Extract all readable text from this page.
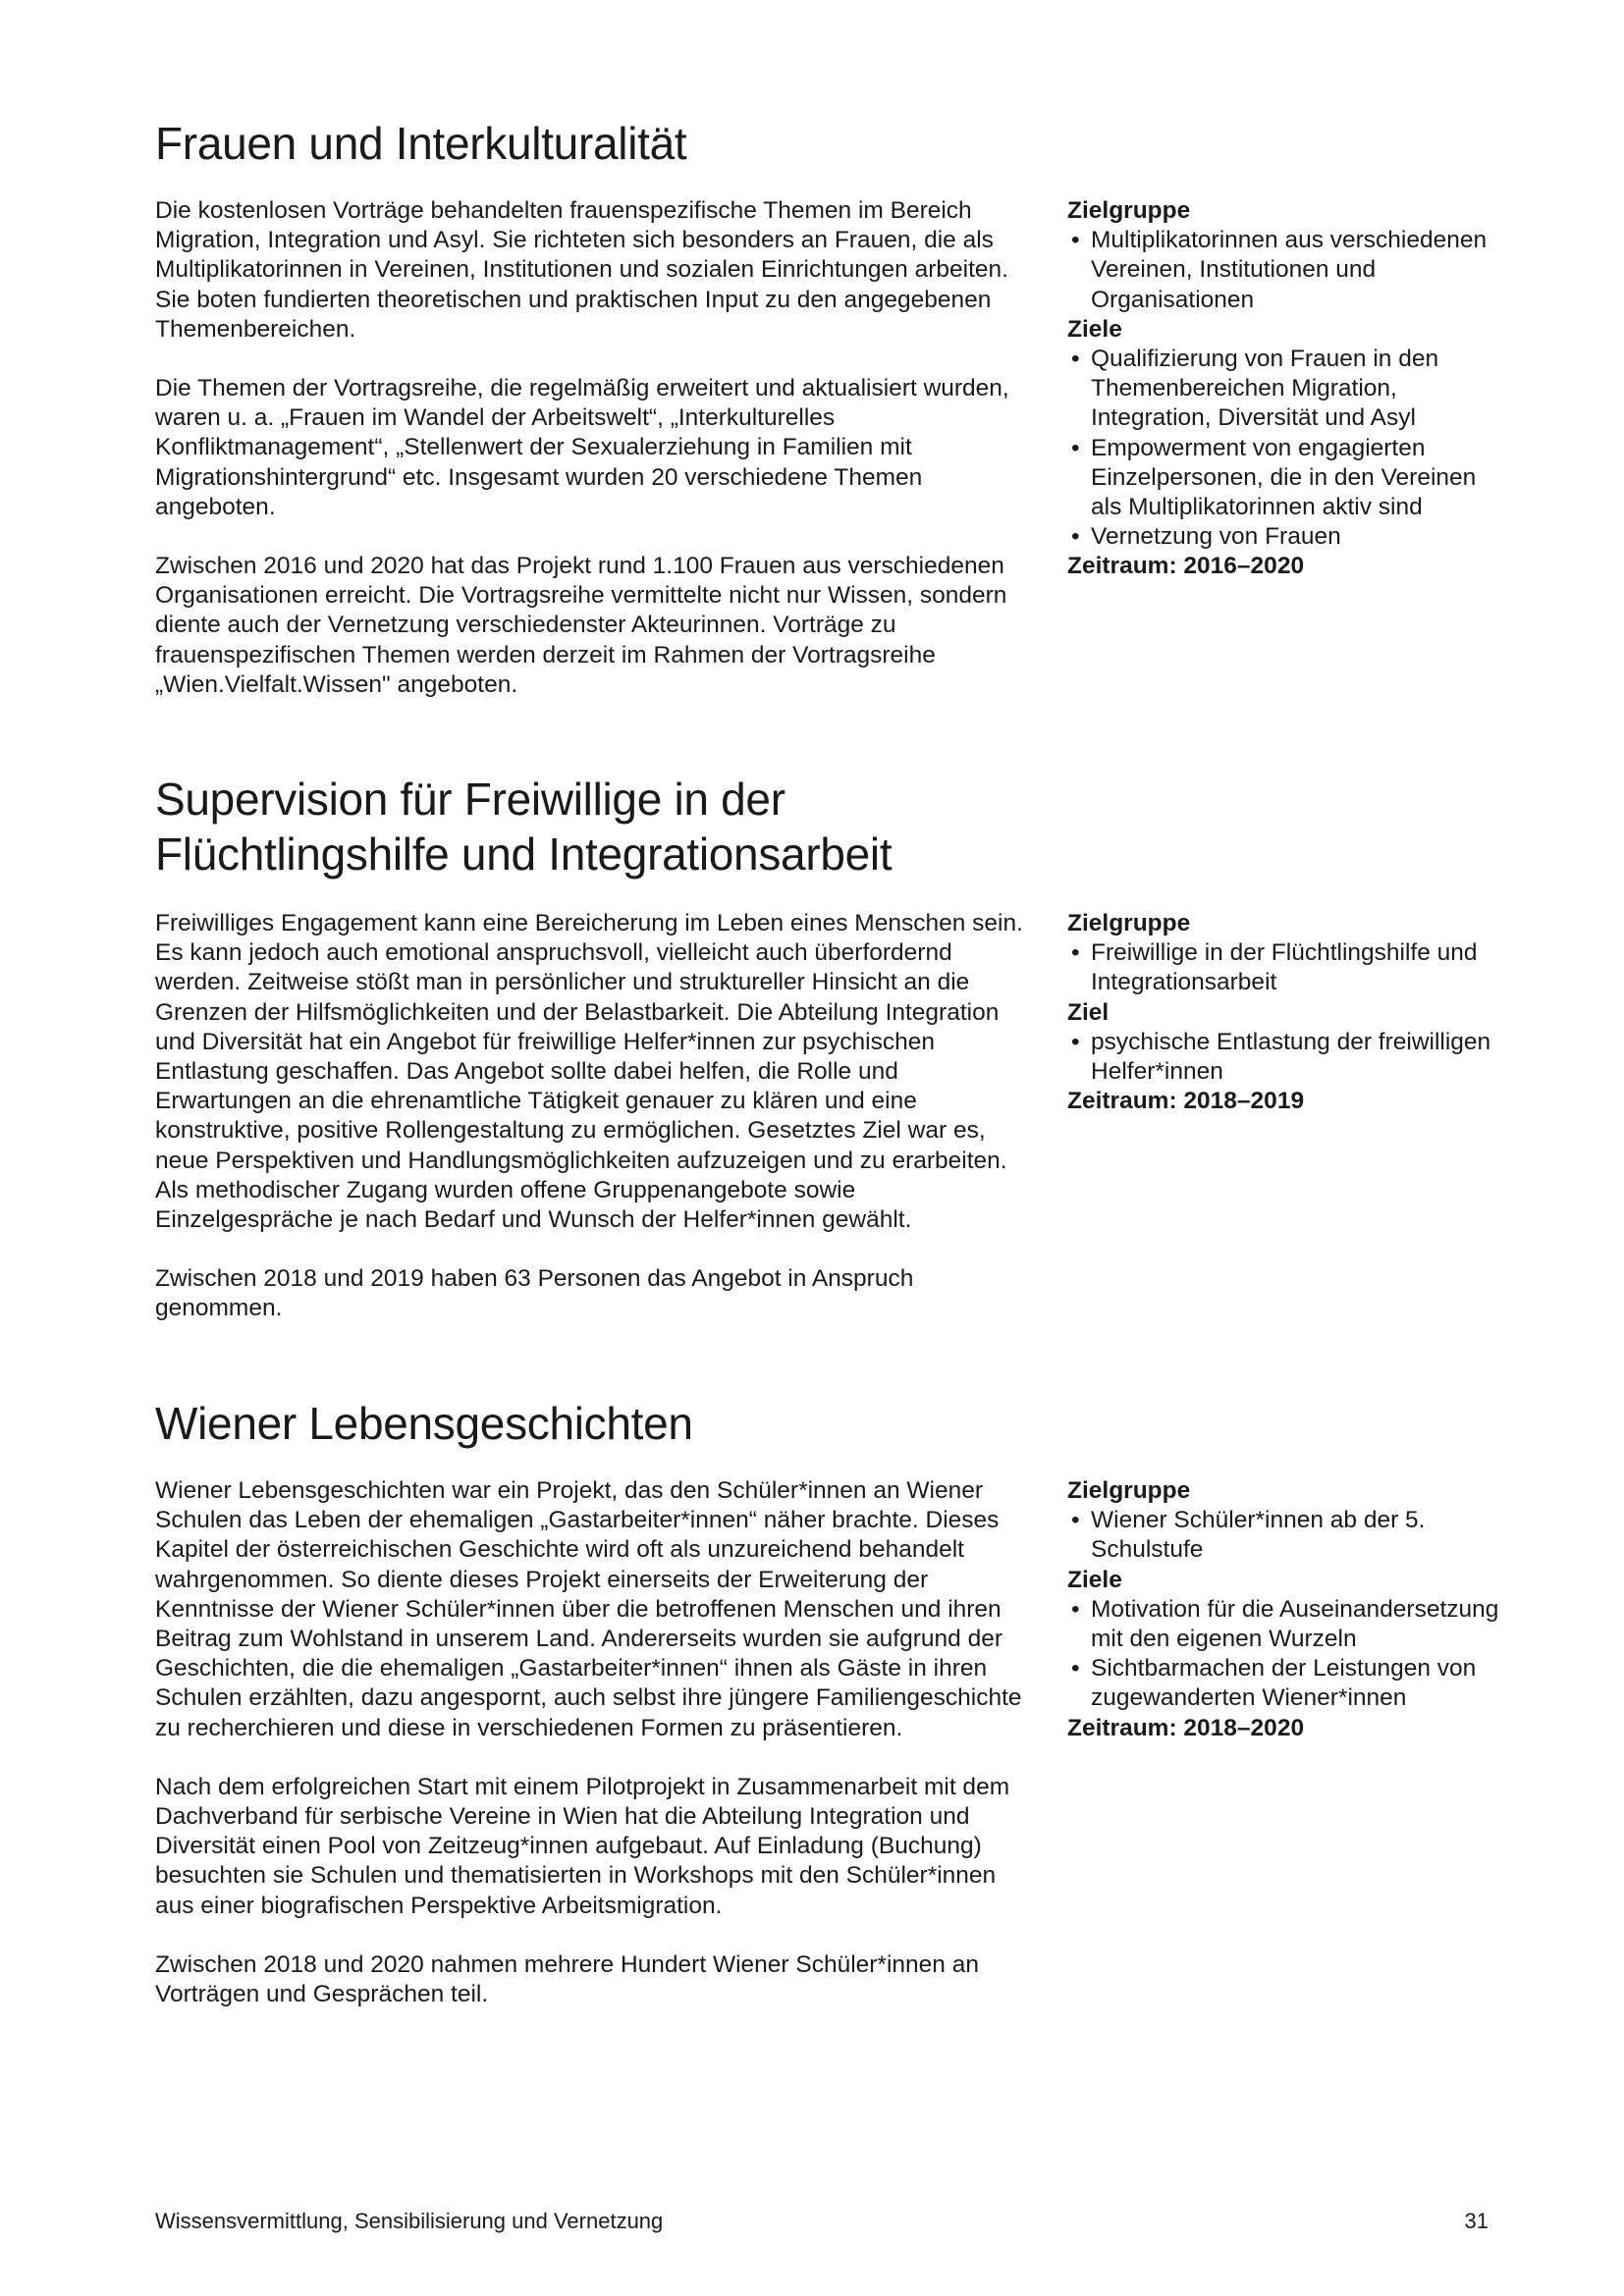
Frauen und Interkulturalität

Die kostenlosen Vorträge behandelten frauenspezifische Themen im Bereich Migration, Integration und Asyl. Sie richteten sich besonders an Frauen, die als Multiplikatorinnen in Vereinen, Institutionen und sozialen Einrichtungen arbeiten. Sie boten fundierten theoretischen und praktischen Input zu den angegebenen Themenbereichen.

Die Themen der Vortragsreihe, die regelmäßig erweitert und aktualisiert wurden, waren u. a. „Frauen im Wandel der Arbeitswelt“, „Interkulturelles Konfliktmanagement“, „Stellenwert der Sexualerziehung in Familien mit Migrationshintergrund“ etc. Insgesamt wurden 20 verschiedene Themen angeboten.

Zwischen 2016 und 2020 hat das Projekt rund 1.100 Frauen aus verschiedenen Organisationen erreicht. Die Vortragsreihe vermittelte nicht nur Wissen, sondern diente auch der Vernetzung verschiedenster Akteurinnen. Vorträge zu frauenspezifischen Themen werden derzeit im Rahmen der Vortragsreihe „Wien.Vielfalt.Wissen" angeboten.

Zielgruppe
• Multiplikatorinnen aus verschiedenen Vereinen, Institutionen und Organisationen
Ziele
• Qualifizierung von Frauen in den Themenbereichen Migration, Integration, Diversität und Asyl
• Empowerment von engagierten Einzelpersonen, die in den Vereinen als Multiplikatorinnen aktiv sind
• Vernetzung von Frauen
Zeitraum: 2016–2020
Supervision für Freiwillige in der
Flüchtlingshilfe und Integrationsarbeit

Freiwilliges Engagement kann eine Bereicherung im Leben eines Menschen sein. Es kann jedoch auch emotional anspruchsvoll, vielleicht auch überfordernd werden. Zeitweise stößt man in persönlicher und struktureller Hinsicht an die Grenzen der Hilfsmöglichkeiten und der Belastbarkeit. Die Abteilung Integration und Diversität hat ein Angebot für freiwillige Helfer*innen zur psychischen Entlastung geschaffen. Das Angebot sollte dabei helfen, die Rolle und Erwartungen an die ehrenamtliche Tätigkeit genauer zu klären und eine konstruktive, positive Rollengestaltung zu ermöglichen. Gesetztes Ziel war es, neue Perspektiven und Handlungsmöglichkeiten aufzuzeigen und zu erarbeiten. Als methodischer Zugang wurden offene Gruppenangebote sowie Einzelgespräche je nach Bedarf und Wunsch der Helfer*innen gewählt.

Zwischen 2018 und 2019 haben 63 Personen das Angebot in Anspruch genommen.

Zielgruppe
• Freiwillige in der Flüchtlingshilfe und Integrationsarbeit
Ziel
• psychische Entlastung der freiwilligen Helfer*innen
Zeitraum: 2018–2019
Wiener Lebensgeschichten

Wiener Lebensgeschichten war ein Projekt, das den Schüler*innen an Wiener Schulen das Leben der ehemaligen „Gastarbeiter*innen“ näher brachte. Dieses Kapitel der österreichischen Geschichte wird oft als unzureichend behandelt wahrgenommen. So diente dieses Projekt einerseits der Erweiterung der Kenntnisse der Wiener Schüler*innen über die betroffenen Menschen und ihren Beitrag zum Wohlstand in unserem Land. Andererseits wurden sie aufgrund der Geschichten, die die ehemaligen „Gastarbeiter*innen“ ihnen als Gäste in ihren Schulen erzählten, dazu angespornt, auch selbst ihre jüngere Familiengeschichte zu recherchieren und diese in verschiedenen Formen zu präsentieren.

Nach dem erfolgreichen Start mit einem Pilotprojekt in Zusammenarbeit mit dem Dachverband für serbische Vereine in Wien hat die Abteilung Integration und Diversität einen Pool von Zeitzeug*innen aufgebaut. Auf Einladung (Buchung) besuchten sie Schulen und thematisierten in Workshops mit den Schüler*innen aus einer biografischen Perspektive Arbeitsmigration.

Zwischen 2018 und 2020 nahmen mehrere Hundert Wiener Schüler*innen an Vorträgen und Gesprächen teil.

Zielgruppe
• Wiener Schüler*innen ab der 5. Schulstufe
Ziele
• Motivation für die Auseinandersetzung mit den eigenen Wurzeln
• Sichtbarmachen der Leistungen von zugewanderten Wiener*innen
Zeitraum: 2018–2020
Wissensvermittlung, Sensibilisierung und Vernetzung	31
